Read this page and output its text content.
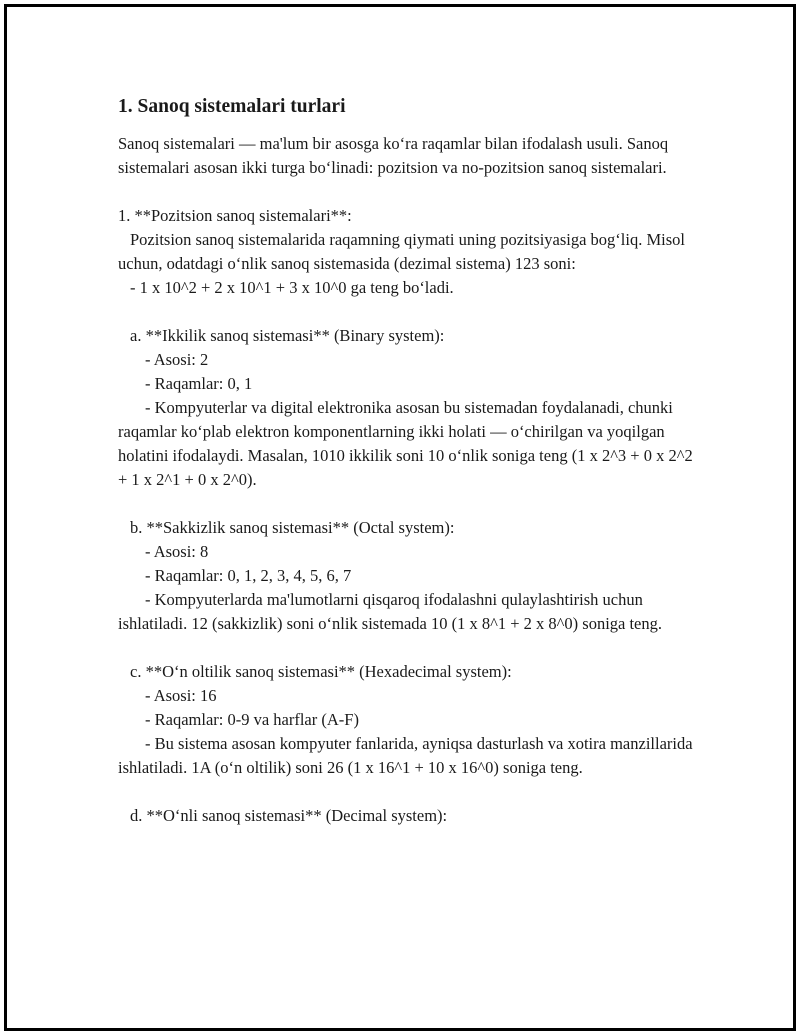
1. Sanoq sistemalari turlari

Sanoq sistemalari — ma'lum bir asosga ko‘ra raqamlar bilan ifodalash usuli. Sanoq sistemalari asosan ikki turga bo‘linadi: pozitsion va no-pozitsion sanoq sistemalari.

1. **Pozitsion sanoq sistemalari**:

Pozitsion sanoq sistemalarida raqamning qiymati uning pozitsiyasiga bog‘liq. Misol uchun, odatdagi o‘nlik sanoq sistemasida (dezimal sistema) 123 soni:

- 1 x 10^2 + 2 x 10^1 + 3 x 10^0 ga teng bo‘ladi.

a. **Ikkilik sanoq sistemasi** (Binary system):

- Asosi: 2

- Raqamlar: 0, 1

- Kompyuterlar va digital elektronika asosan bu sistemadan foydalanadi, chunki raqamlar ko‘plab elektron komponentlarning ikki holati — o‘chirilgan va yoqilgan holatini ifodalaydi. Masalan, 1010 ikkilik soni 10 o‘nlik soniga teng (1 x 2^3 + 0 x 2^2 + 1 x 2^1 + 0 x 2^0).

b. **Sakkizlik sanoq sistemasi** (Octal system):

- Asosi: 8

- Raqamlar: 0, 1, 2, 3, 4, 5, 6, 7

- Kompyuterlarda ma'lumotlarni qisqaroq ifodalashni qulaylashtirish uchun ishlatiladi. 12 (sakkizlik) soni o‘nlik sistemada 10 (1 x 8^1 + 2 x 8^0) soniga teng.

c. **O‘n oltilik sanoq sistemasi** (Hexadecimal system):

- Asosi: 16

- Raqamlar: 0-9 va harflar (A-F)

- Bu sistema asosan kompyuter fanlarida, ayniqsa dasturlash va xotira manzillarida ishlatiladi. 1A (o‘n oltilik) soni 26 (1 x 16^1 + 10 x 16^0) soniga teng.

d. **O‘nli sanoq sistemasi** (Decimal system):
